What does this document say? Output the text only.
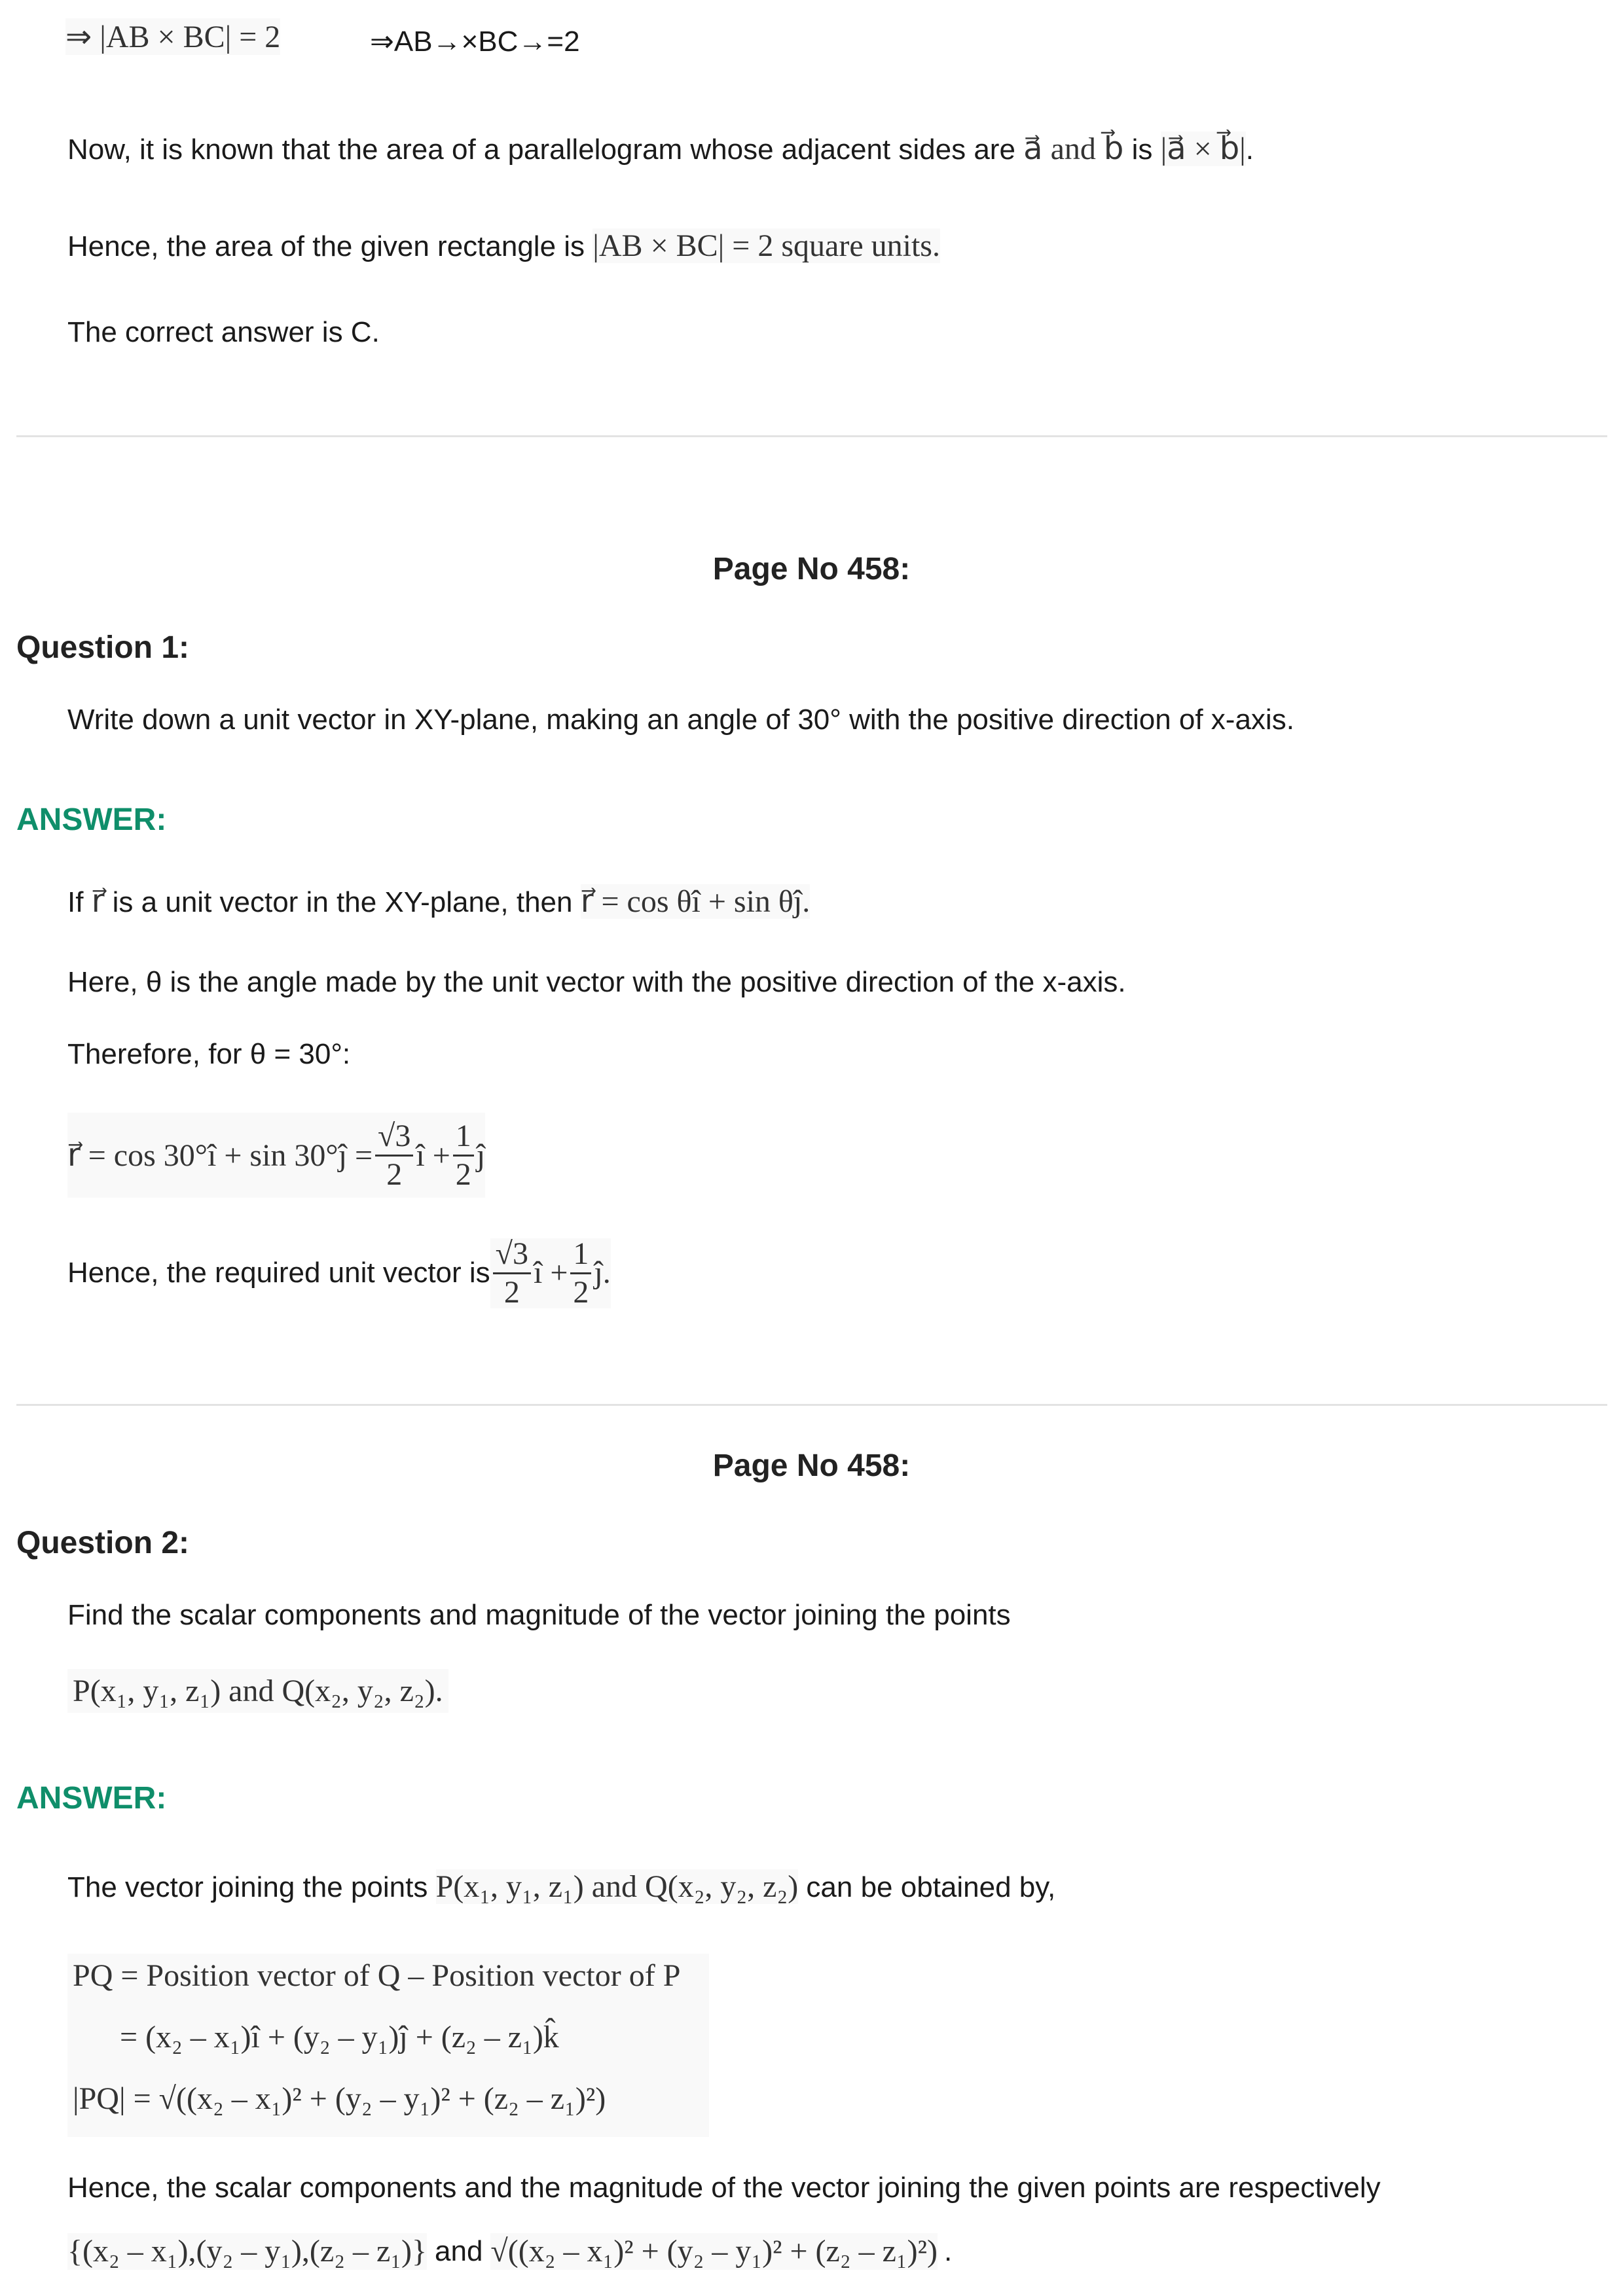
⇒ |AB × BC| = 2	⇒AB→×BC→=2
Now, it is known that the area of a parallelogram whose adjacent sides are a⃗ and b⃗ is |a⃗ × b⃗|.
Hence, the area of the given rectangle is |AB × BC| = 2 square units.
The correct answer is C.
Page No 458:
Question 1:
Write down a unit vector in XY-plane, making an angle of 30° with the positive direction of x-axis.
ANSWER:
If r⃗ is a unit vector in the XY-plane, then r⃗ = cos θî + sin θĵ.
Here, θ is the angle made by the unit vector with the positive direction of the x-axis.
Therefore, for θ = 30°:
r⃗ = cos 30°î + sin 30°ĵ = $\frac{√3}{2}$ î + $\frac{1}{2}$ ĵ
Hence, the required unit vector is $\frac{√3}{2}$ î + $\frac{1}{2}$ ĵ.
Page No 458:
Question 2:
Find the scalar components and magnitude of the vector joining the points
P(x₁, y₁, z₁) and Q(x₂, y₂, z₂).
ANSWER:
The vector joining the points P(x₁, y₁, z₁) and Q(x₂, y₂, z₂) can be obtained by,
PQ = Position vector of Q – Position vector of P
= (x₂ – x₁)î + (y₂ – y₁)ĵ + (z₂ – z₁)k̂
|PQ| = √((x₂ – x₁)² + (y₂ – y₁)² + (z₂ – z₁)²)
Hence, the scalar components and the magnitude of the vector joining the given points are respectively
{(x₂ – x₁),(y₂ – y₁),(z₂ – z₁)} and √((x₂ – x₁)² + (y₂ – y₁)² + (z₂ – z₁)²) .
